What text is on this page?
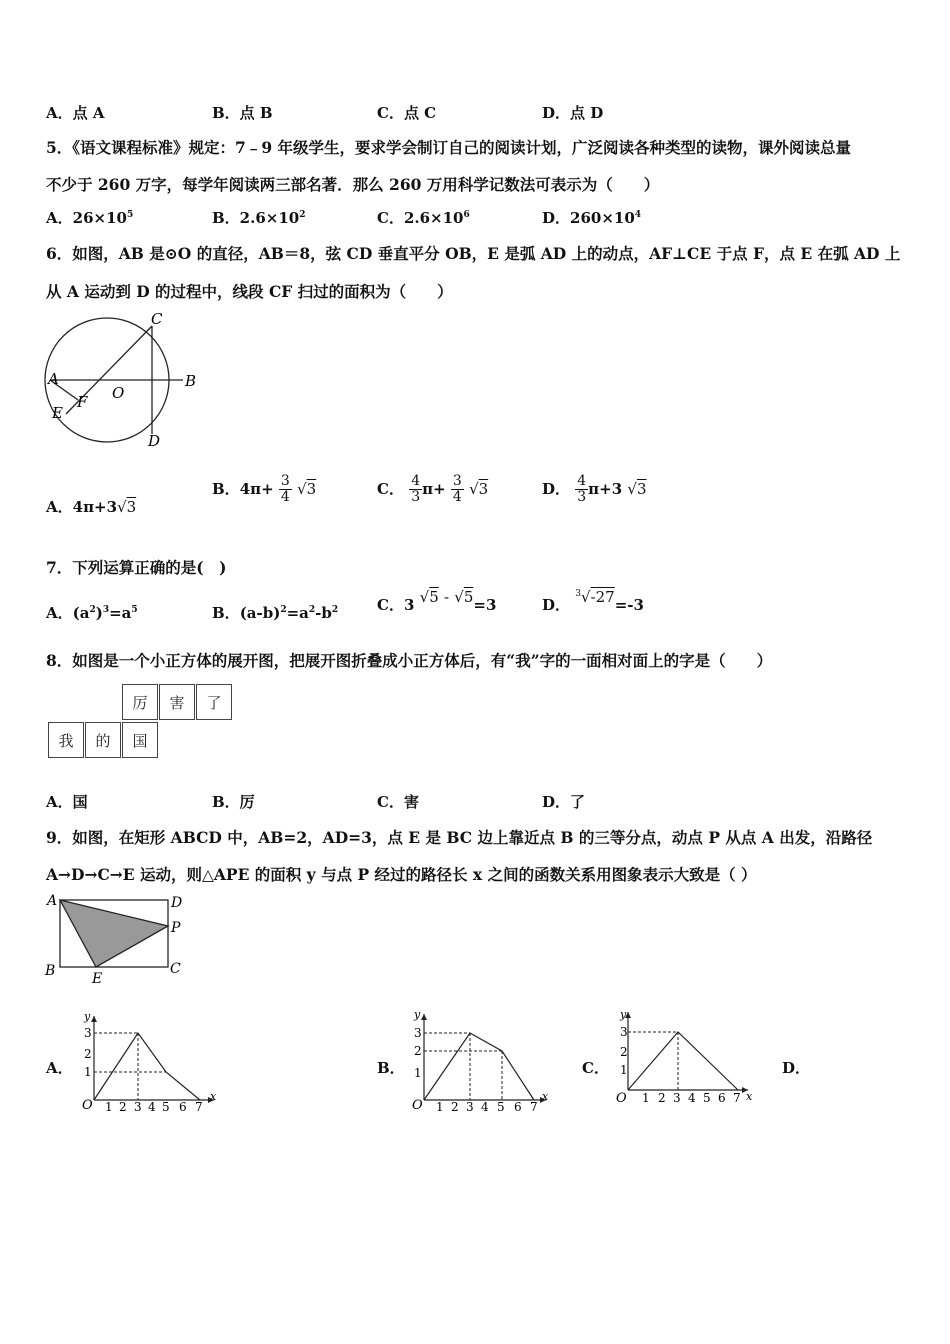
A．点 A	B．点 B	C．点 C	D．点 D
5．《语文课程标准》规定：7﹣9 年级学生，要求学会制订自己的阅读计划，广泛阅读各种类型的读物，课外阅读总量
不少于 260 万字，每学年阅读两三部名著．那么 260 万用科学记数法可表示为（　　）
A．$26\times 10^5$	B．$2.6\times 10^2$	C．$2.6\times 10^6$	D．$260\times 10^4$
6．如图，AB 是⊙O 的直径，AB＝8，弦 CD 垂直平分 OB，E 是弧 AD 上的动点，AF⊥CE 于点 F，点 E 在弧 AD 上
从 A 运动到 D 的过程中，线段 CF 扫过的面积为（　　）
C
A
O
B
E
F
D
A．4π+3√3
B．$4\pi+ \frac{3}{4} √3$	C． $\frac{4}{3} \pi+ \frac{3}{4} √3$	D． $\frac{4}{3} \pi+3$ √3
7．下列运算正确的是(　)
A．$(a^2)^3=a^5$	B．$(a-b)^2=a^2-b^2$	C．3 √5 - √5=3	D． $^3$√-27=-3
8．如图是一个小正方体的展开图，把展开图折叠成小正方体后，有“我”字的一面相对面上的字是（　　）
厉	害	了
我	的	国
A．国	B．厉	C．害	D．了
9．如图，在矩形 ABCD 中，AB=2，AD=3，点 E 是 BC 边上靠近点 B 的三等分点，动点 P 从点 A 出发，沿路径
A→D→C→E 运动，则△APE 的面积 y 与点 P 经过的路径长 x 之间的函数关系用图象表示大致是（ ）
A	D
P
B	E
C
A．	B．	C．	D．
y
x
O
3
2
1
1 2 3 4 5 6 7
y
x
O
3
2
1
1 2 3 4 5 6 7
y
x
O
3
2
1
1 2 3 4 5 6 7
